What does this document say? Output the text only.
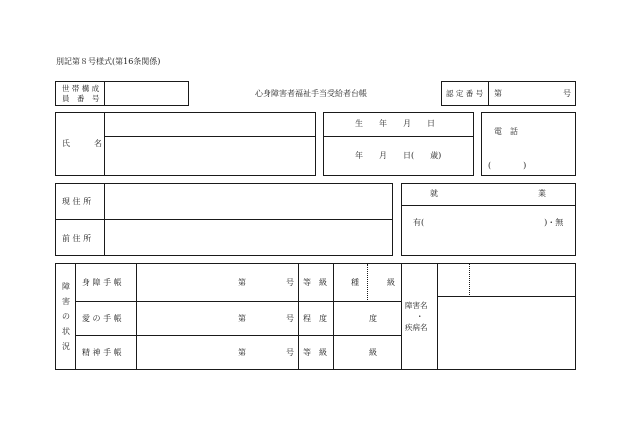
別記第８号様式(第16条関係)
世 帯 構 成
員　番　号
心身障害者福祉手当受給者台帳	認 定 番 号 第	号
氏　　　名
生　　年　　月　　日
年　　月　　日(　　歳)
電　話
(　　　　)
現 住 所
前 住 所
就	業
有(　　　　　　　　　　　　　　　)・無
障
害
の
状
況
身 障 手 帳	第	号 等　級	種	級
愛 の 手 帳	第	号 程　度	度
精 神 手 帳	第	号 等　級	級
障害名
・
疾病名
